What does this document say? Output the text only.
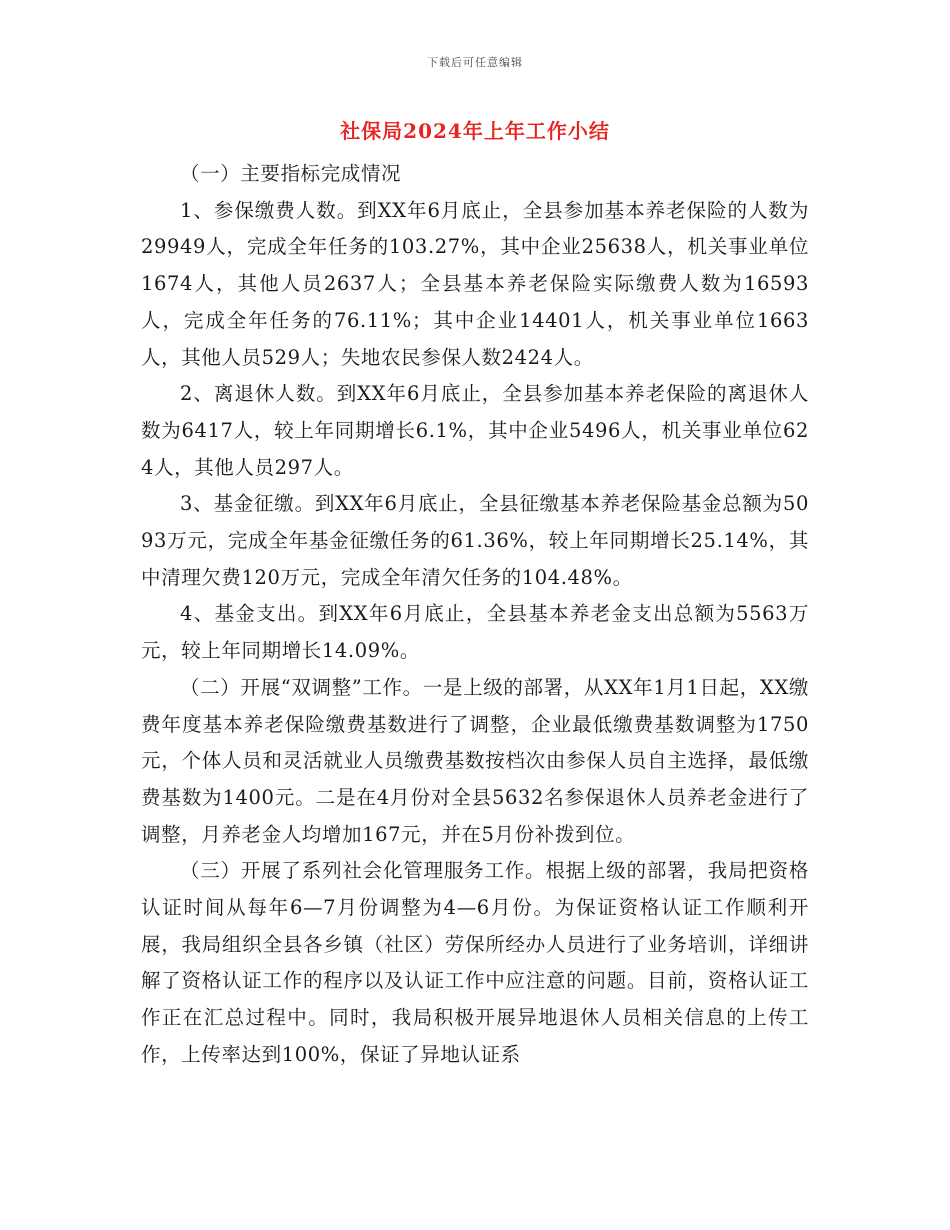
下载后可任意编辑
社保局2024年上年工作小结

（一）主要指标完成情况

1、参保缴费人数。到XX年6月底止，全县参加基本养老保险的人数为29949人，完成全年任务的103.27%，其中企业25638人，机关事业单位1674人，其他人员2637人；全县基本养老保险实际缴费人数为16593人，完成全年任务的76.11%；其中企业14401人，机关事业单位1663人，其他人员529人；失地农民参保人数2424人。

2、离退休人数。到XX年6月底止，全县参加基本养老保险的离退休人数为6417人，较上年同期增长6.1%，其中企业5496人，机关事业单位624人，其他人员297人。

3、基金征缴。到XX年6月底止，全县征缴基本养老保险基金总额为5093万元，完成全年基金征缴任务的61.36%，较上年同期增长25.14%，其中清理欠费120万元，完成全年清欠任务的104.48%。

4、基金支出。到XX年6月底止，全县基本养老金支出总额为5563万元，较上年同期增长14.09%。

（二）开展“双调整”工作。一是上级的部署，从XX年1月1日起，XX缴费年度基本养老保险缴费基数进行了调整，企业最低缴费基数调整为1750元，个体人员和灵活就业人员缴费基数按档次由参保人员自主选择，最低缴费基数为1400元。二是在4月份对全县5632名参保退休人员养老金进行了调整，月养老金人均增加167元，并在5月份补拨到位。

（三）开展了系列社会化管理服务工作。根据上级的部署，我局把资格认证时间从每年6—7月份调整为4—6月份。为保证资格认证工作顺利开展，我局组织全县各乡镇（社区）劳保所经办人员进行了业务培训，详细讲解了资格认证工作的程序以及认证工作中应注意的问题。目前，资格认证工作正在汇总过程中。同时，我局积极开展异地退休人员相关信息的上传工作，上传率达到100%，保证了异地认证系
